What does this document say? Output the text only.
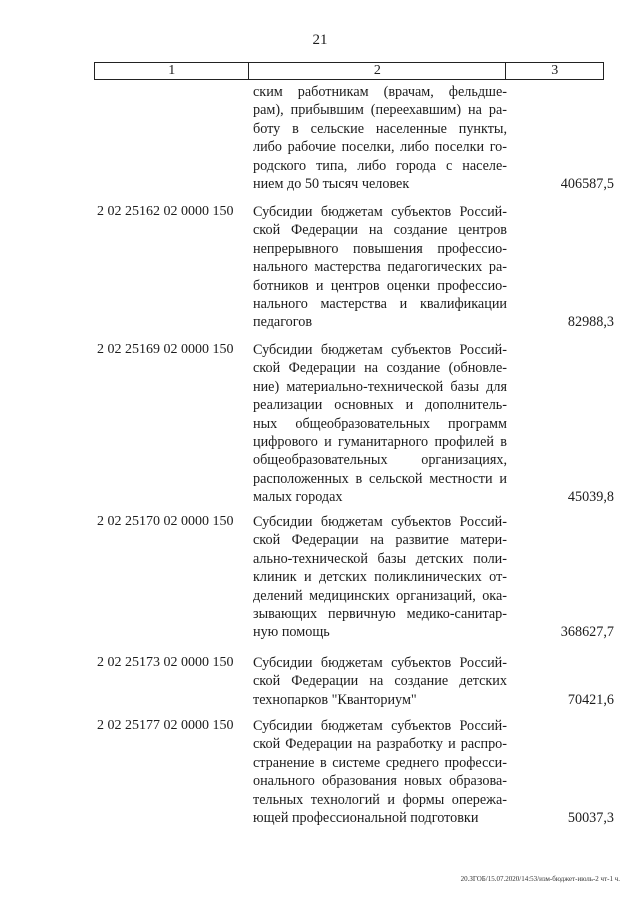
21
1	2	3
ским работникам (врачам, фельдше-
рам), прибывшим (переехавшим) на ра-
боту в сельские населенные пункты,
либо рабочие поселки, либо поселки го-
родского типа, либо города с населе-
нием до 50 тысяч человек	406587,5
2 02 25162 02 0000 150	Субсидии бюджетам субъектов Россий-
ской Федерации на создание центров
непрерывного повышения профессио-
нального мастерства педагогических ра-
ботников и центров оценки профессио-
нального мастерства и квалификации
педагогов	82988,3
2 02 25169 02 0000 150	Субсидии бюджетам субъектов Россий-
ской Федерации на создание (обновле-
ние) материально-технической базы для
реализации основных и дополнитель-
ных общеобразовательных программ
цифрового и гуманитарного профилей в
общеобразовательных организациях,
расположенных в сельской местности и
малых городах	45039,8
2 02 25170 02 0000 150	Субсидии бюджетам субъектов Россий-
ской Федерации на развитие матери-
ально-технической базы детских поли-
клиник и детских поликлинических от-
делений медицинских организаций, ока-
зывающих первичную медико-санитар-
ную помощь	368627,7
2 02 25173 02 0000 150	Субсидии бюджетам субъектов Россий-
ской Федерации на создание детских
технопарков "Кванториум"	70421,6
2 02 25177 02 0000 150	Субсидии бюджетам субъектов Россий-
ской Федерации на разработку и распро-
странение в системе среднего професси-
онального образования новых образова-
тельных технологий и формы опережа-
ющей профессиональной подготовки	50037,3
20.ЗГОБ/15.07.2020/14:53/изм-бюджет-июль-2 чт-1 ч.
